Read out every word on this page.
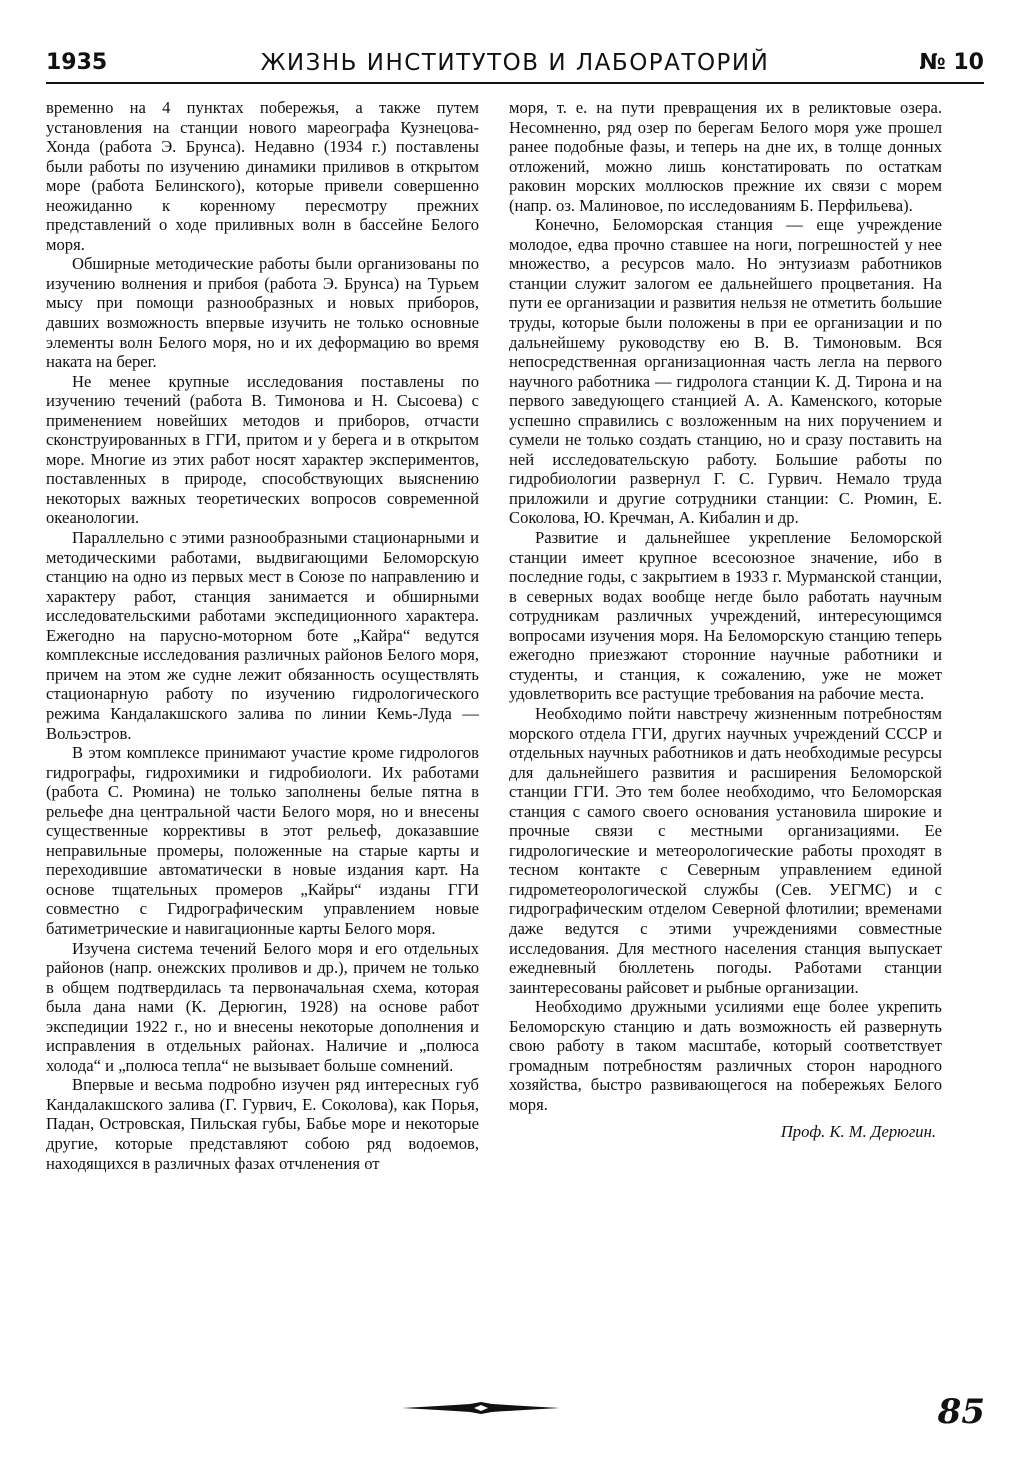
1935	ЖИЗНЬ ИНСТИТУТОВ И ЛАБОРАТОРИЙ	№ 10

временно на 4 пунктах побережья, а также путем установления на станции нового мареографа Кузнецова-Хонда (работа Э. Брунса). Недавно (1934 г.) поставлены были работы по изучению динамики приливов в открытом море (работа Белинского), которые привели совершенно неожиданно к коренному пересмотру прежних представлений о ходе приливных волн в бассейне Белого моря.

Обширные методические работы были организованы по изучению волнения и прибоя (работа Э. Брунса) на Турьем мысу при помощи разнообразных и новых приборов, давших возможность впервые изучить не только основные элементы волн Белого моря, но и их деформацию во время наката на берег.

Не менее крупные исследования поставлены по изучению течений (работа В. Тимонова и Н. Сысоева) с применением новейших методов и приборов, отчасти сконструированных в ГГИ, притом и у берега и в открытом море. Многие из этих работ носят характер экспериментов, поставленных в природе, способствующих выяснению некоторых важных теоретических вопросов современной океанологии.

Параллельно с этими разнообразными стационарными и методическими работами, выдвигающими Беломорскую станцию на одно из первых мест в Союзе по направлению и характеру работ, станция занимается и обширными исследовательскими работами экспедиционного характера. Ежегодно на парусно-моторном боте „Кайра“ ведутся комплексные исследования различных районов Белого моря, причем на этом же судне лежит обязанность осуществлять стационарную работу по изучению гидрологического режима Кандалакшского залива по линии Кемь-Луда — Вольэстров.

В этом комплексе принимают участие кроме гидрологов гидрографы, гидрохимики и гидробиологи. Их работами (работа С. Рюмина) не только заполнены белые пятна в рельефе дна центральной части Белого моря, но и внесены существенные коррективы в этот рельеф, доказавшие неправильные промеры, положенные на старые карты и переходившие автоматически в новые издания карт. На основе тщательных промеров „Кайры“ изданы ГГИ совместно с Гидрографическим управлением новые батиметрические и навигационные карты Белого моря.

Изучена система течений Белого моря и его отдельных районов (напр. онежских проливов и др.), причем не только в общем подтвердилась та первоначальная схема, которая была дана нами (К. Дерюгин, 1928) на основе работ экспедиции 1922 г., но и внесены некоторые дополнения и исправления в отдельных районах. Наличие и „полюса холода“ и „полюса тепла“ не вызывает больше сомнений.

Впервые и весьма подробно изучен ряд интересных губ Кандалакшского залива (Г. Гурвич, Е. Соколова), как Порья, Падан, Островская, Пильская губы, Бабье море и некоторые другие, которые представляют собою ряд водоемов, находящихся в различных фазах отчленения от

моря, т. е. на пути превращения их в реликтовые озера. Несомненно, ряд озер по берегам Белого моря уже прошел ранее подобные фазы, и теперь на дне их, в толще донных отложений, можно лишь констатировать по остаткам раковин морских моллюсков прежние их связи с морем (напр. оз. Малиновое, по исследованиям Б. Перфильева).

Конечно, Беломорская станция — еще учреждение молодое, едва прочно ставшее на ноги, погрешностей у нее множество, а ресурсов мало. Но энтузиазм работников станции служит залогом ее дальнейшего процветания. На пути ее организации и развития нельзя не отметить большие труды, которые были положены в при ее организации и по дальнейшему руководству ею В. В. Тимоновым. Вся непосредственная организационная часть легла на первого научного работника — гидролога станции К. Д. Тирона и на первого заведующего станцией А. А. Каменского, которые успешно справились с возложенным на них поручением и сумели не только создать станцию, но и сразу поставить на ней исследовательскую работу. Большие работы по гидробиологии развернул Г. С. Гурвич. Немало труда приложили и другие сотрудники станции: С. Рюмин, Е. Соколова, Ю. Кречман, А. Кибалин и др.

Развитие и дальнейшее укрепление Беломорской станции имеет крупное всесоюзное значение, ибо в последние годы, с закрытием в 1933 г. Мурманской станции, в северных водах вообще негде было работать научным сотрудникам различных учреждений, интересующимся вопросами изучения моря. На Беломорскую станцию теперь ежегодно приезжают сторонние научные работники и студенты, и станция, к сожалению, уже не может удовлетворить все растущие требования на рабочие места.

Необходимо пойти навстречу жизненным потребностям морского отдела ГГИ, других научных учреждений СССР и отдельных научных работников и дать необходимые ресурсы для дальнейшего развития и расширения Беломорской станции ГГИ. Это тем более необходимо, что Беломорская станция с самого своего основания установила широкие и прочные связи с местными организациями. Ее гидрологические и метеорологические работы проходят в тесном контакте с Северным управлением единой гидрометеорологической службы (Сев. УЕГМС) и с гидрографическим отделом Северной флотилии; временами даже ведутся с этими учреждениями совместные исследования. Для местного населения станция выпускает ежедневный бюллетень погоды. Работами станции заинтересованы райсовет и рыбные организации.

Необходимо дружными усилиями еще более укрепить Беломорскую станцию и дать возможность ей развернуть свою работу в таком масштабе, который соответствует громадным потребностям различных сторон народного хозяйства, быстро развивающегося на побережьях Белого моря.

Проф. К. М. Дерюгин.

85
